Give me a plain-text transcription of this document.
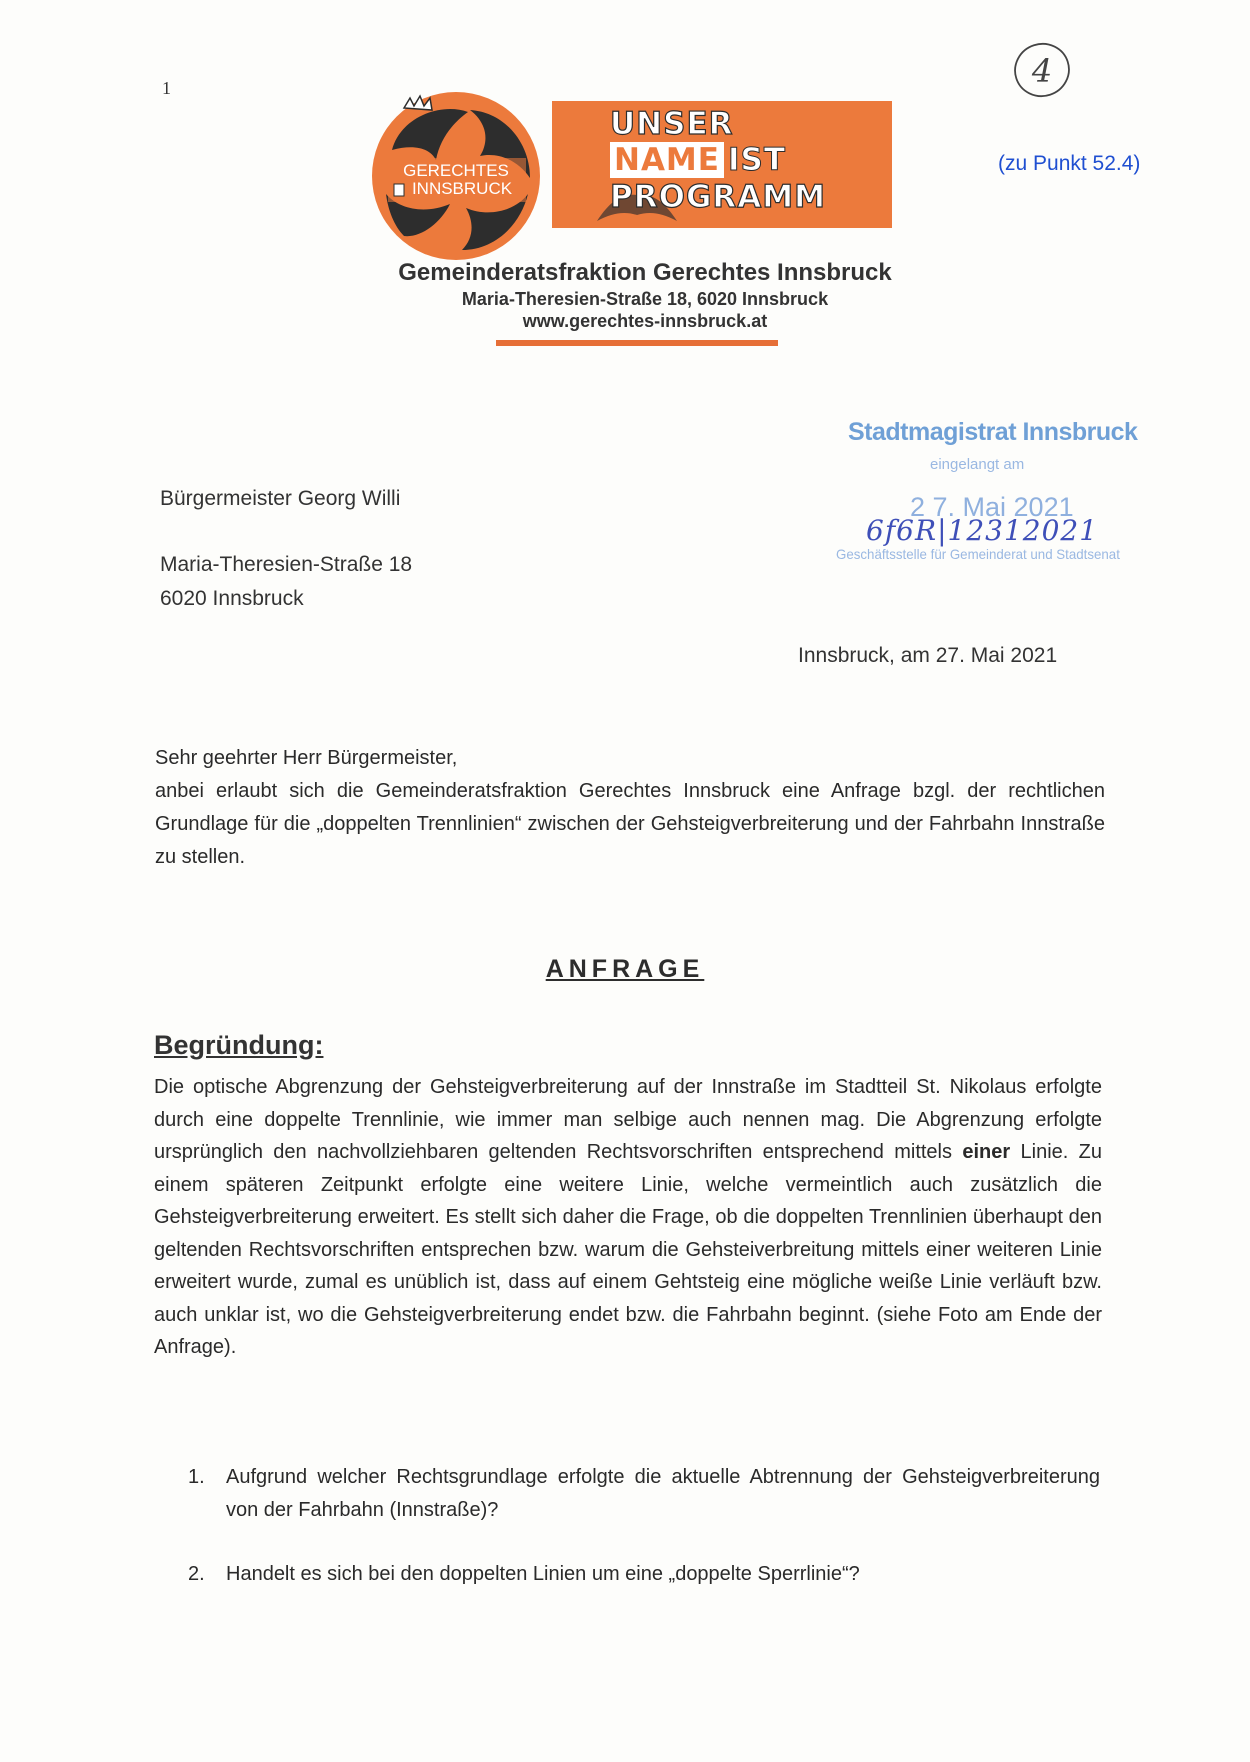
1	4
(zu Punkt 52.4)
GERECHTES
INNSBRUCK
UNSER
NAME IST
PROGRAMM
Gemeinderatsfraktion Gerechtes Innsbruck
Maria-Theresien-Straße 18, 6020 Innsbruck
www.gerechtes-innsbruck.at
Stadtmagistrat Innsbruck
eingelangt am
2 7. Mai 2021
6f6R|12312021
Geschäftsstelle für Gemeinderat und Stadtsenat
Bürgermeister Georg Willi
Maria-Theresien-Straße 18
6020 Innsbruck
Innsbruck, am 27. Mai 2021

Sehr geehrter Herr Bürgermeister,

anbei erlaubt sich die Gemeinderatsfraktion Gerechtes Innsbruck eine Anfrage bzgl. der rechtlichen Grundlage für die „doppelten Trennlinien“ zwischen der Gehsteigverbreiterung und der Fahrbahn Innstraße zu stellen.

ANFRAGE
Begründung:
Die optische Abgrenzung der Gehsteigverbreiterung auf der Innstraße im Stadtteil St. Nikolaus erfolgte durch eine doppelte Trennlinie, wie immer man selbige auch nennen mag. Die Abgrenzung erfolgte ursprünglich den nachvollziehbaren geltenden Rechtsvorschriften entsprechend mittels einer Linie. Zu einem späteren Zeitpunkt erfolgte eine weitere Linie, welche vermeintlich auch zusätzlich die Gehsteigverbreiterung erweitert. Es stellt sich daher die Frage, ob die doppelten Trennlinien überhaupt den geltenden Rechtsvorschriften entsprechen bzw. warum die Gehsteiverbreitung mittels einer weiteren Linie erweitert wurde, zumal es unüblich ist, dass auf einem Gehtsteig eine mögliche weiße Linie verläuft bzw. auch unklar ist, wo die Gehsteigverbreiterung endet bzw. die Fahrbahn beginnt. (siehe Foto am Ende der Anfrage).
1. Aufgrund welcher Rechtsgrundlage erfolgte die aktuelle Abtrennung der Gehsteigverbreiterung von der Fahrbahn (Innstraße)?
2. Handelt es sich bei den doppelten Linien um eine „doppelte Sperrlinie“?
